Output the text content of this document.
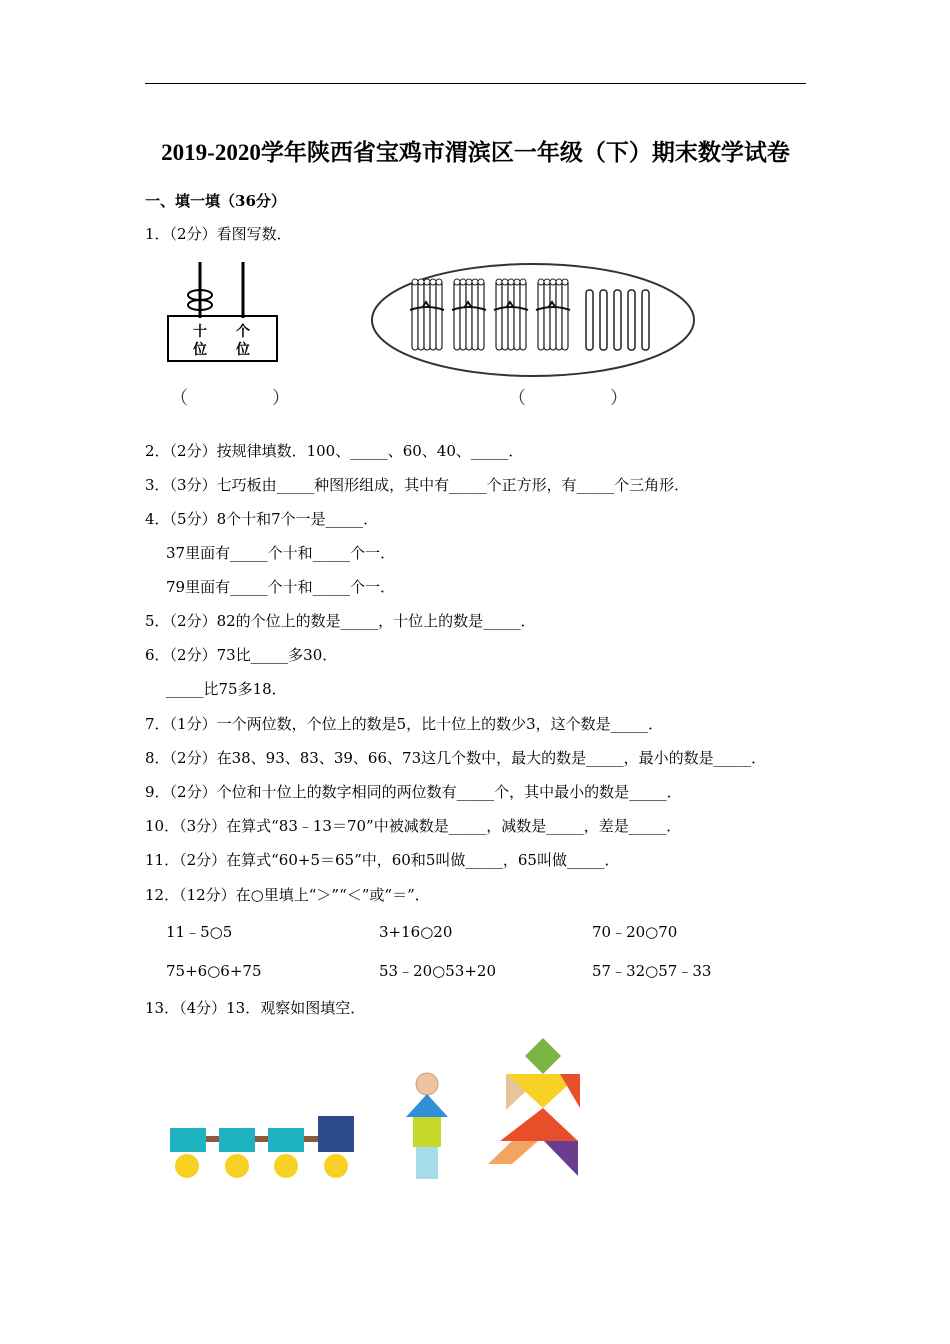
2019-2020学年陕西省宝鸡市渭滨区一年级（下）期末数学试卷
一、填一填（36分）
1．（2分）看图写数．
十
位
个
位
（	）	（	）
2．（2分）按规律填数．100、_____、60、40、_____．
3．（3分）七巧板由_____种图形组成，其中有_____个正方形，有_____个三角形．
4．（5分）8个十和7个一是_____．
37里面有_____个十和_____个一．
79里面有_____个十和_____个一．
5．（2分）82的个位上的数是_____，十位上的数是_____．
6．（2分）73比_____多30．
_____比75多18．
7．（1分）一个两位数，个位上的数是5，比十位上的数少3，这个数是_____．
8．（2分）在38、93、83、39、66、73这几个数中，最大的数是_____，最小的数是_____．
9．（2分）个位和十位上的数字相同的两位数有_____个，其中最小的数是_____．
10．（3分）在算式“83﹣13＝70”中被减数是_____，减数是_____，差是_____．
11．（2分）在算式“60+5＝65”中，60和5叫做_____，65叫做_____．
12．（12分）在○里填上“＞”“＜”或“＝”．
11﹣5○5	3+16○20	70﹣20○70
75+6○6+75	53﹣20○53+20	57﹣32○57﹣33
13．（4分）13．观察如图填空．
